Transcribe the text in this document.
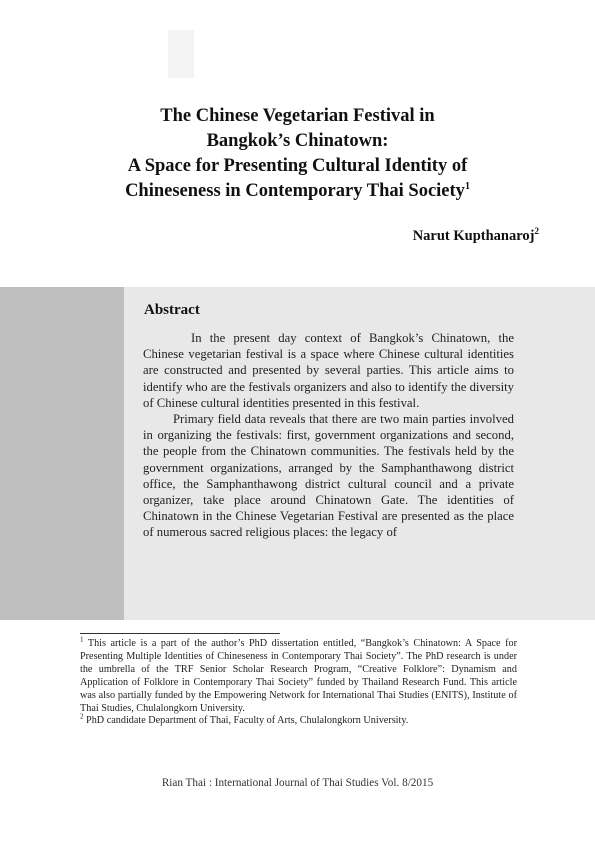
The Chinese Vegetarian Festival in
Bangkok’s Chinatown:
A Space for Presenting Cultural Identity of
Chineseness in Contemporary Thai Society$^1$
Narut Kupthanaroj$^2$
Abstract

In the present day context of Bangkok’s Chinatown, the Chinese vegetarian festival is a space where Chinese cultural identities are constructed and presented by several parties. This article aims to identify who are the festivals organizers and also to identify the diversity of Chinese cultural identities presented in this festival.

Primary field data reveals that there are two main parties involved in organizing the festivals: first, government organizations and second, the people from the Chinatown communities. The festivals held by the government organizations, arranged by the Samphanthawong district office, the Samphanthawong district cultural council and a private organizer, take place around Chinatown Gate. The identities of Chinatown in the Chinese Vegetarian Festival are presented as the place of numerous sacred religious places: the legacy of

$^1$ This article is a part of the author’s PhD dissertation entitled, “Bangkok’s Chinatown: A Space for Presenting Multiple Identities of Chineseness in Contemporary Thai Society”. The PhD research is under the umbrella of the TRF Senior Scholar Research Program, “Creative Folklore”: Dynamism and Application of Folklore in Contemporary Thai Society” funded by Thailand Research Fund. This article was also partially funded by the Empowering Network for International Thai Studies (ENITS), Institute of Thai Studies, Chulalongkorn University.

$^2$ PhD candidate Department of Thai, Faculty of Arts, Chulalongkorn University.

Rian Thai : International Journal of Thai Studies Vol. 8/2015
